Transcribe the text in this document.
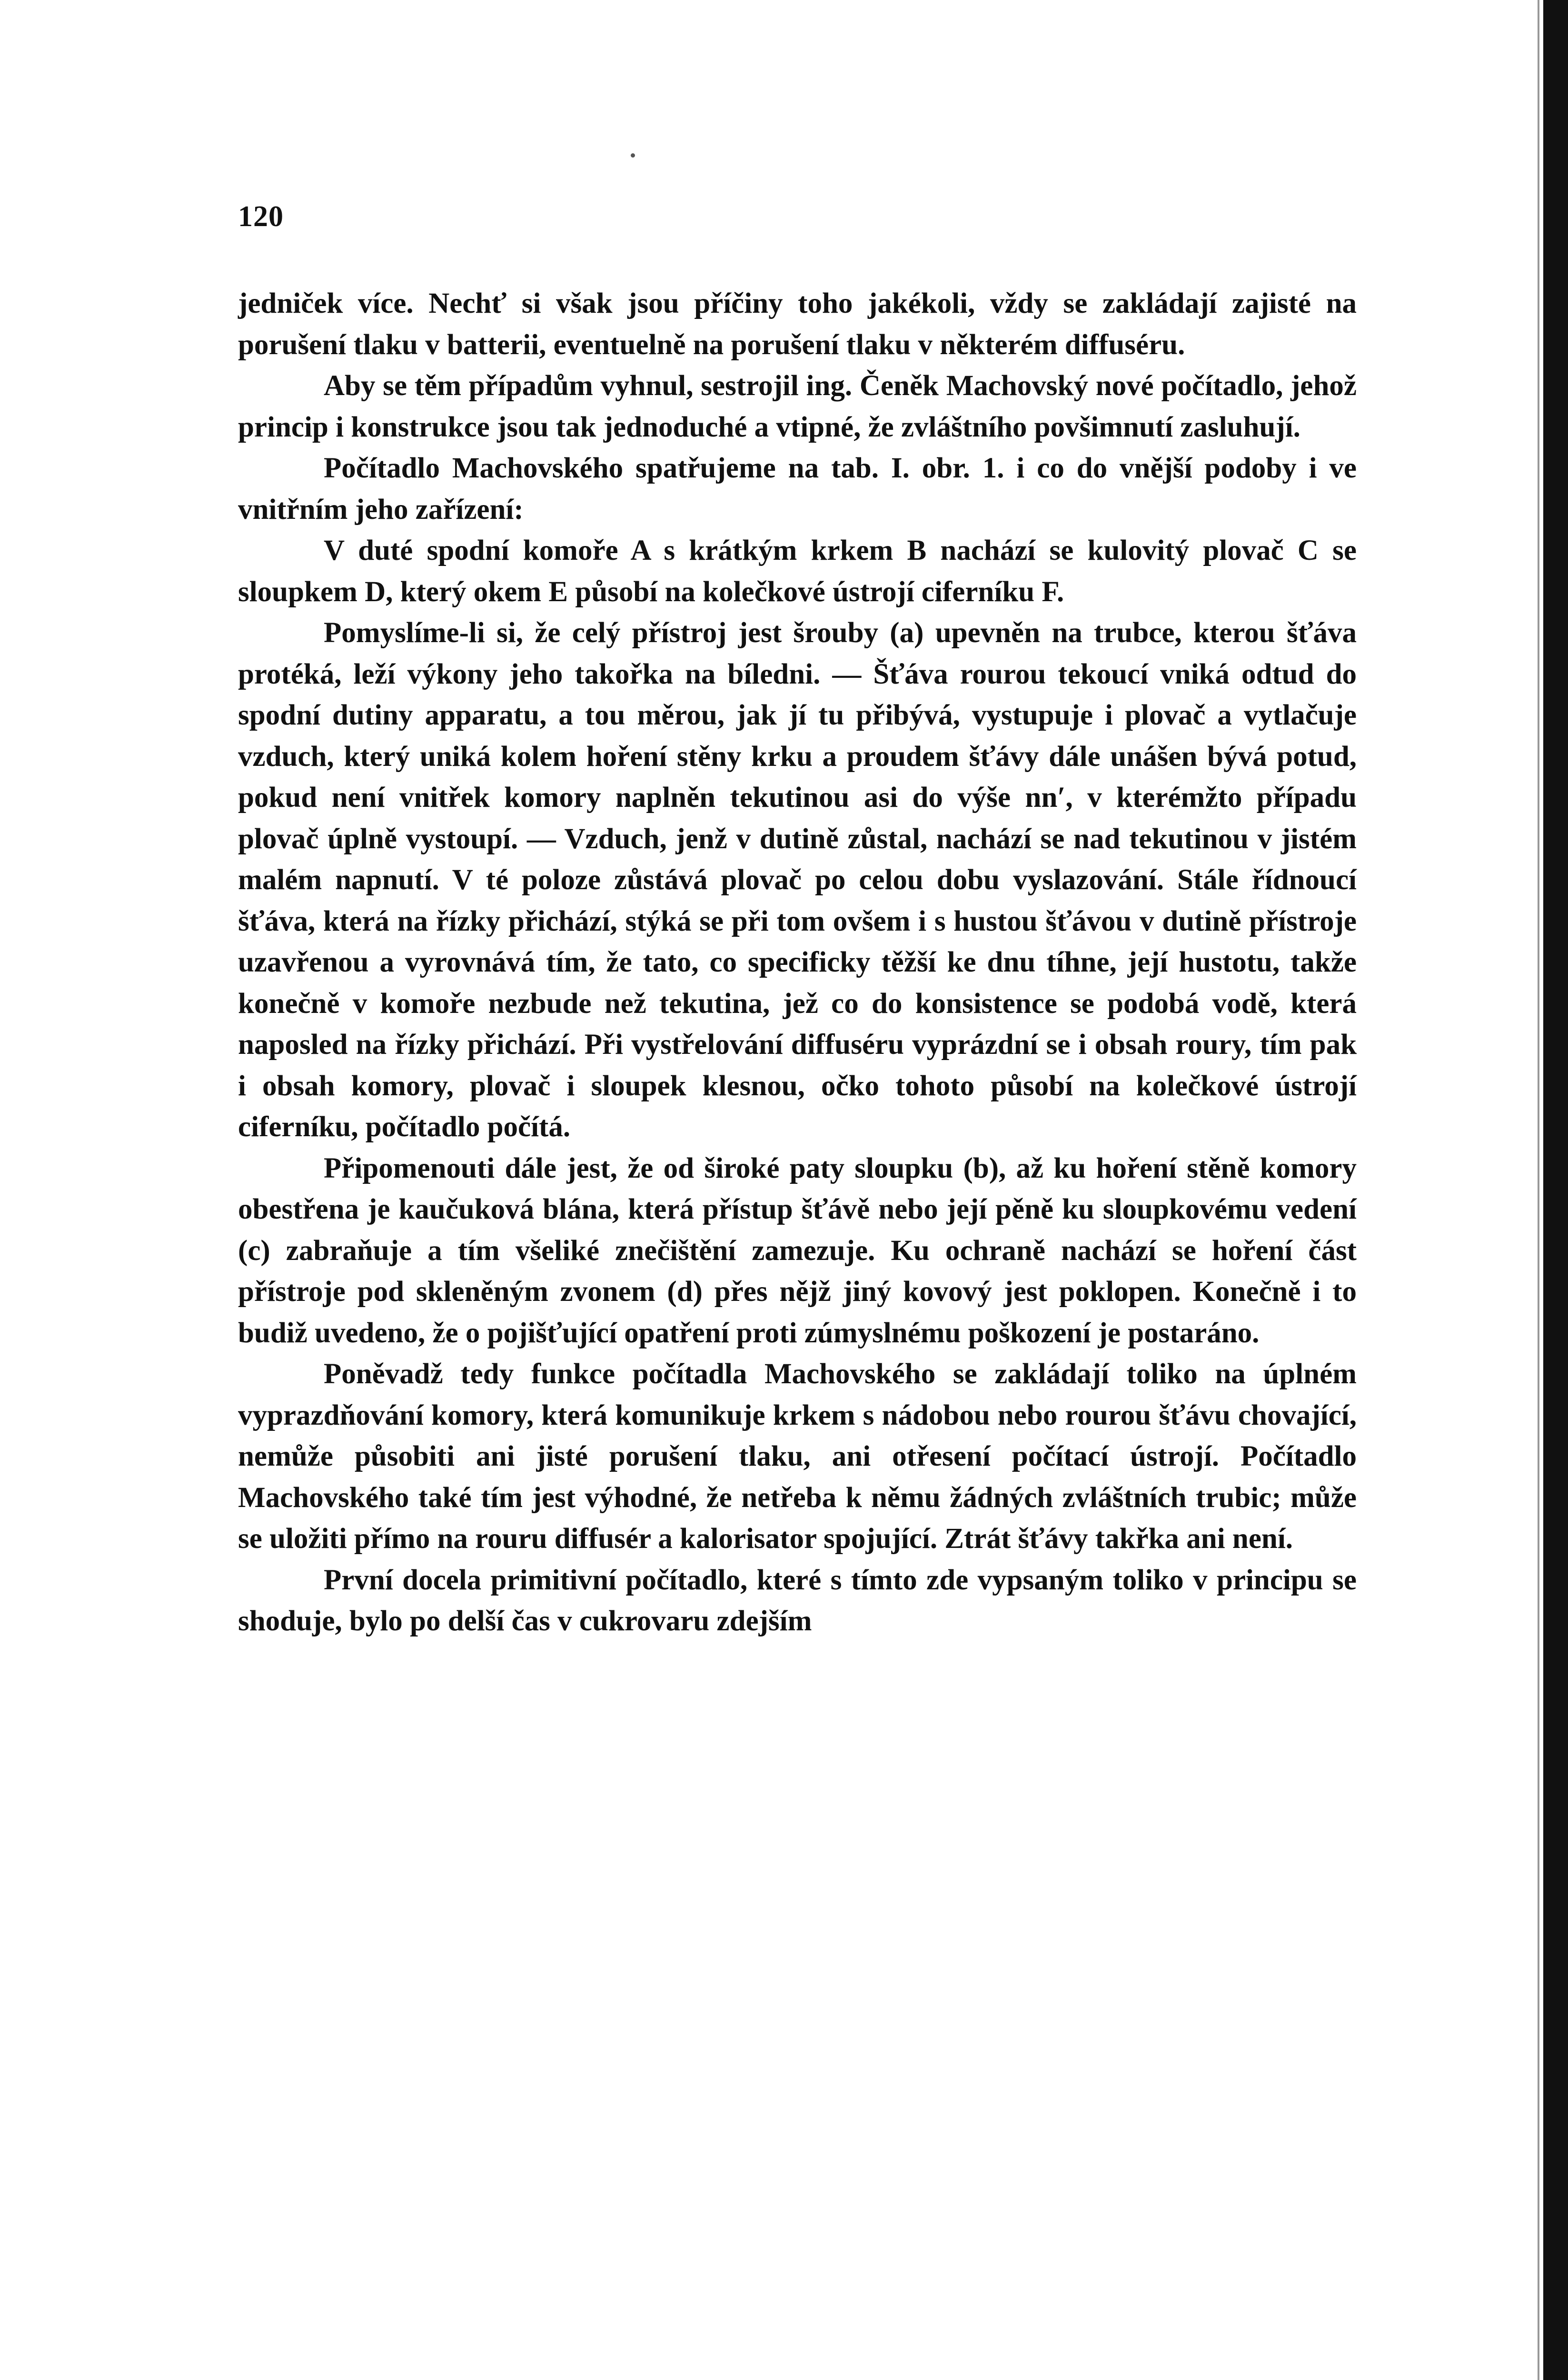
120

jedniček více. Nechť si však jsou příčiny toho jakékoli, vždy se zakládají zajisté na porušení tlaku v batterii, eventuelně na porušení tlaku v některém diffuséru.

Aby se těm případům vyhnul, sestrojil ing. Čeněk Machovský nové počítadlo, jehož princip i konstrukce jsou tak jednoduché a vtipné, že zvláštního povšimnutí zasluhují.

Počítadlo Machovského spatřujeme na tab. I. obr. 1. i co do vnější podoby i ve vnitřním jeho zařízení:

V duté spodní komoře A s krátkým krkem B nachází se kulovitý plovač C se sloupkem D, který okem E působí na kolečkové ústrojí ciferníku F.

Pomyslíme-li si, že celý přístroj jest šrouby (a) upevněn na trubce, kterou šťáva protéká, leží výkony jeho takořka na bíledni. — Šťáva rourou tekoucí vniká odtud do spodní dutiny apparatu, a tou měrou, jak jí tu přibývá, vystupuje i plovač a vytlačuje vzduch, který uniká kolem hoření stěny krku a proudem šťávy dále unášen bývá potud, pokud není vnitřek komory naplněn tekutinou asi do výše nn′, v kterémžto případu plovač úplně vystoupí. — Vzduch, jenž v dutině zůstal, nachází se nad tekutinou v jistém malém napnutí. V té poloze zůstává plovač po celou dobu vyslazování. Stále řídnoucí šťáva, která na řízky přichází, stýká se při tom ovšem i s hustou šťávou v dutině přístroje uzavřenou a vyrovnává tím, že tato, co specificky těžší ke dnu tíhne, její hustotu, takže konečně v komoře nezbude než tekutina, jež co do konsistence se podobá vodě, která naposled na řízky přichází. Při vystřelování diffuséru vyprázdní se i obsah roury, tím pak i obsah komory, plovač i sloupek klesnou, očko tohoto působí na kolečkové ústrojí ciferníku, počítadlo počítá.

Připomenouti dále jest, že od široké paty sloupku (b), až ku hoření stěně komory obestřena je kaučuková blána, která přístup šťávě nebo její pěně ku sloupkovému vedení (c) zabraňuje a tím všeliké znečištění zamezuje. Ku ochraně nachází se hoření část přístroje pod skleněným zvonem (d) přes nějž jiný kovový jest poklopen. Konečně i to budiž uvedeno, že o pojišťující opatření proti zúmyslnému poškození je postaráno.

Poněvadž tedy funkce počítadla Machovského se zakládají toliko na úplném vyprazdňování komory, která komunikuje krkem s nádobou nebo rourou šťávu chovající, nemůže působiti ani jisté porušení tlaku, ani otřesení počítací ústrojí. Počítadlo Machovského také tím jest výhodné, že netřeba k němu žádných zvláštních trubic; může se uložiti přímo na rouru diffusér a kalorisator spojující. Ztrát šťávy takřka ani není.

První docela primitivní počítadlo, které s tímto zde vypsaným toliko v principu se shoduje, bylo po delší čas v cukrovaru zdejším
